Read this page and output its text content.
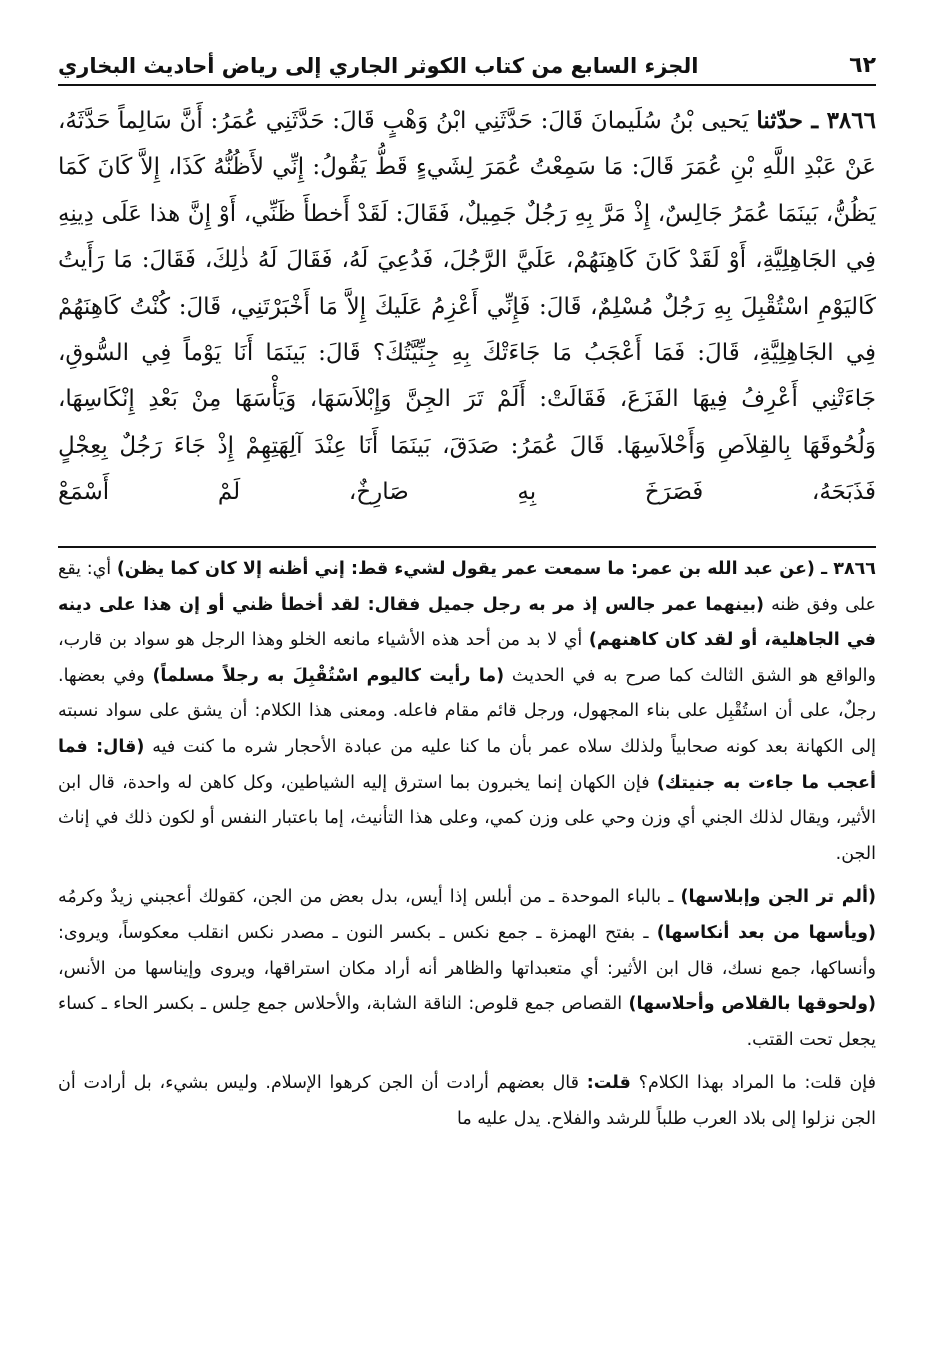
٦٢
الجزء السابع من كتاب الكوثر الجاري إلى رياض أحاديث البخاري
٣٨٦٦ ـ حدّثنا يَحيى بْنُ سُلَيمانَ قَالَ: حَدَّثَنِي ابْنُ وَهْبٍ قَالَ: حَدَّثَنِي عُمَرُ: أَنَّ سَالِماً حَدَّثَهُ، عَنْ عَبْدِ اللَّهِ بْنِ عُمَرَ قَالَ: مَا سَمِعْتُ عُمَرَ لِشَيءٍ قَطُّ يَقُولُ: إِنِّي لأَظُنُّهُ كَذَا، إِلاَّ كَانَ كَمَا يَظُنُّ، بَينَمَا عُمَرُ جَالِسٌ، إِذْ مَرَّ بِهِ رَجُلٌ جَمِيلٌ، فَقَالَ: لَقَدْ أَخطأَ ظَنِّي، أَوْ إِنَّ هذا عَلَى دِينِهِ فِي الجَاهِلِيَّةِ، أَوْ لَقَدْ كَانَ كَاهِنَهُمْ، عَلَيَّ الرَّجُلَ، فَدُعِيَ لَهُ، فَقَالَ لَهُ ذٰلِكَ، فَقَالَ: مَا رَأَيتُ كَاليَوْمِ اسْتُقْبِلَ بِهِ رَجُلٌ مُسْلِمٌ، قَالَ: فَإِنِّي أَعْزِمُ عَلَيكَ إِلاَّ مَا أَخْبَرْتَنِي، قَالَ: كُنْتُ كَاهِنَهُمْ فِي الجَاهِلِيَّةِ، قَالَ: فَمَا أَعْجَبُ مَا جَاءَتْكَ بِهِ جِنِّيَّتُكَ؟ قَالَ: بَينَمَا أَنَا يَوْماً فِي السُّوقِ، جَاءَتْنِي أَعْرِفُ فِيهَا الفَزَعَ، فَقَالَتْ: أَلَمْ تَرَ الجِنَّ وَإِبْلاَسَهَا، وَيَأْسَهَا مِنْ بَعْدِ إِنْكَاسِهَا، وَلُحُوقَهَا بِالقِلاَصِ وَأَحْلاَسِهَا. قَالَ عُمَرُ: صَدَقَ، بَينَمَا أَنَا عِنْدَ آلِهَتِهِمْ إِذْ جَاءَ رَجُلٌ بِعِجْلٍ فَذَبَحَهُ، فَصَرَخَ بِهِ صَارِخٌ، لَمْ أَسْمَعْ

٣٨٦٦ ـ (عن عبد الله بن عمر: ما سمعت عمر يقول لشيء قط: إني أظنه إلا كان كما يظن) أي: يقع على وفق ظنه (بينهما عمر جالس إذ مر به رجل جميل فقال: لقد أخطأ ظني أو إن هذا على دينه في الجاهلية، أو لقد كان كاهنهم) أي لا بد من أحد هذه الأشياء مانعه الخلو وهذا الرجل هو سواد بن قارب، والواقع هو الشق الثالث كما صرح به في الحديث (ما رأيت كاليوم اسْتُقْبِلَ به رجلاً مسلماً) وفي بعضها. رجلٌ، على أن استُقْبِل على بناء المجهول، ورجل قائم مقام فاعله. ومعنى هذا الكلام: أن يشق على سواد نسبته إلى الكهانة بعد كونه صحابياً ولذلك سلاه عمر بأن ما كنا عليه من عبادة الأحجار شره ما كنت فيه (قال: فما أعجب ما جاءت به جنيتك) فإن الكهان إنما يخبرون بما استرق إليه الشياطين، وكل كاهن له واحدة، قال ابن الأثير، ويقال لذلك الجني أي وزن وحي على وزن كمي، وعلى هذا التأنيث، إما باعتبار النفس أو لكون ذلك في إناث الجن.

(ألم تر الجن وإبلاسها) ـ بالباء الموحدة ـ من أبلس إذا أيس، بدل بعض من الجن، كقولك أعجبني زيدٌ وكرمُه (ويأسها من بعد أنكاسها) ـ بفتح الهمزة ـ جمع نكس ـ بكسر النون ـ مصدر نكس انقلب معكوساً، ويروى: وأنساكها، جمع نسك، قال ابن الأثير: أي متعبداتها والظاهر أنه أراد مكان استراقها، ويروى وإيناسها من الأنس، (ولحوقها بالقلاص وأحلاسها) القصاص جمع قلوص: الناقة الشابة، والأحلاس جمع حِلس ـ بكسر الحاء ـ كساء يجعل تحت القتب.

فإن قلت: ما المراد بهذا الكلام؟ قلت: قال بعضهم أرادت أن الجن كرهوا الإسلام. وليس بشيء، بل أرادت أن الجن نزلوا إلى بلاد العرب طلباً للرشد والفلاح. يدل عليه ما
